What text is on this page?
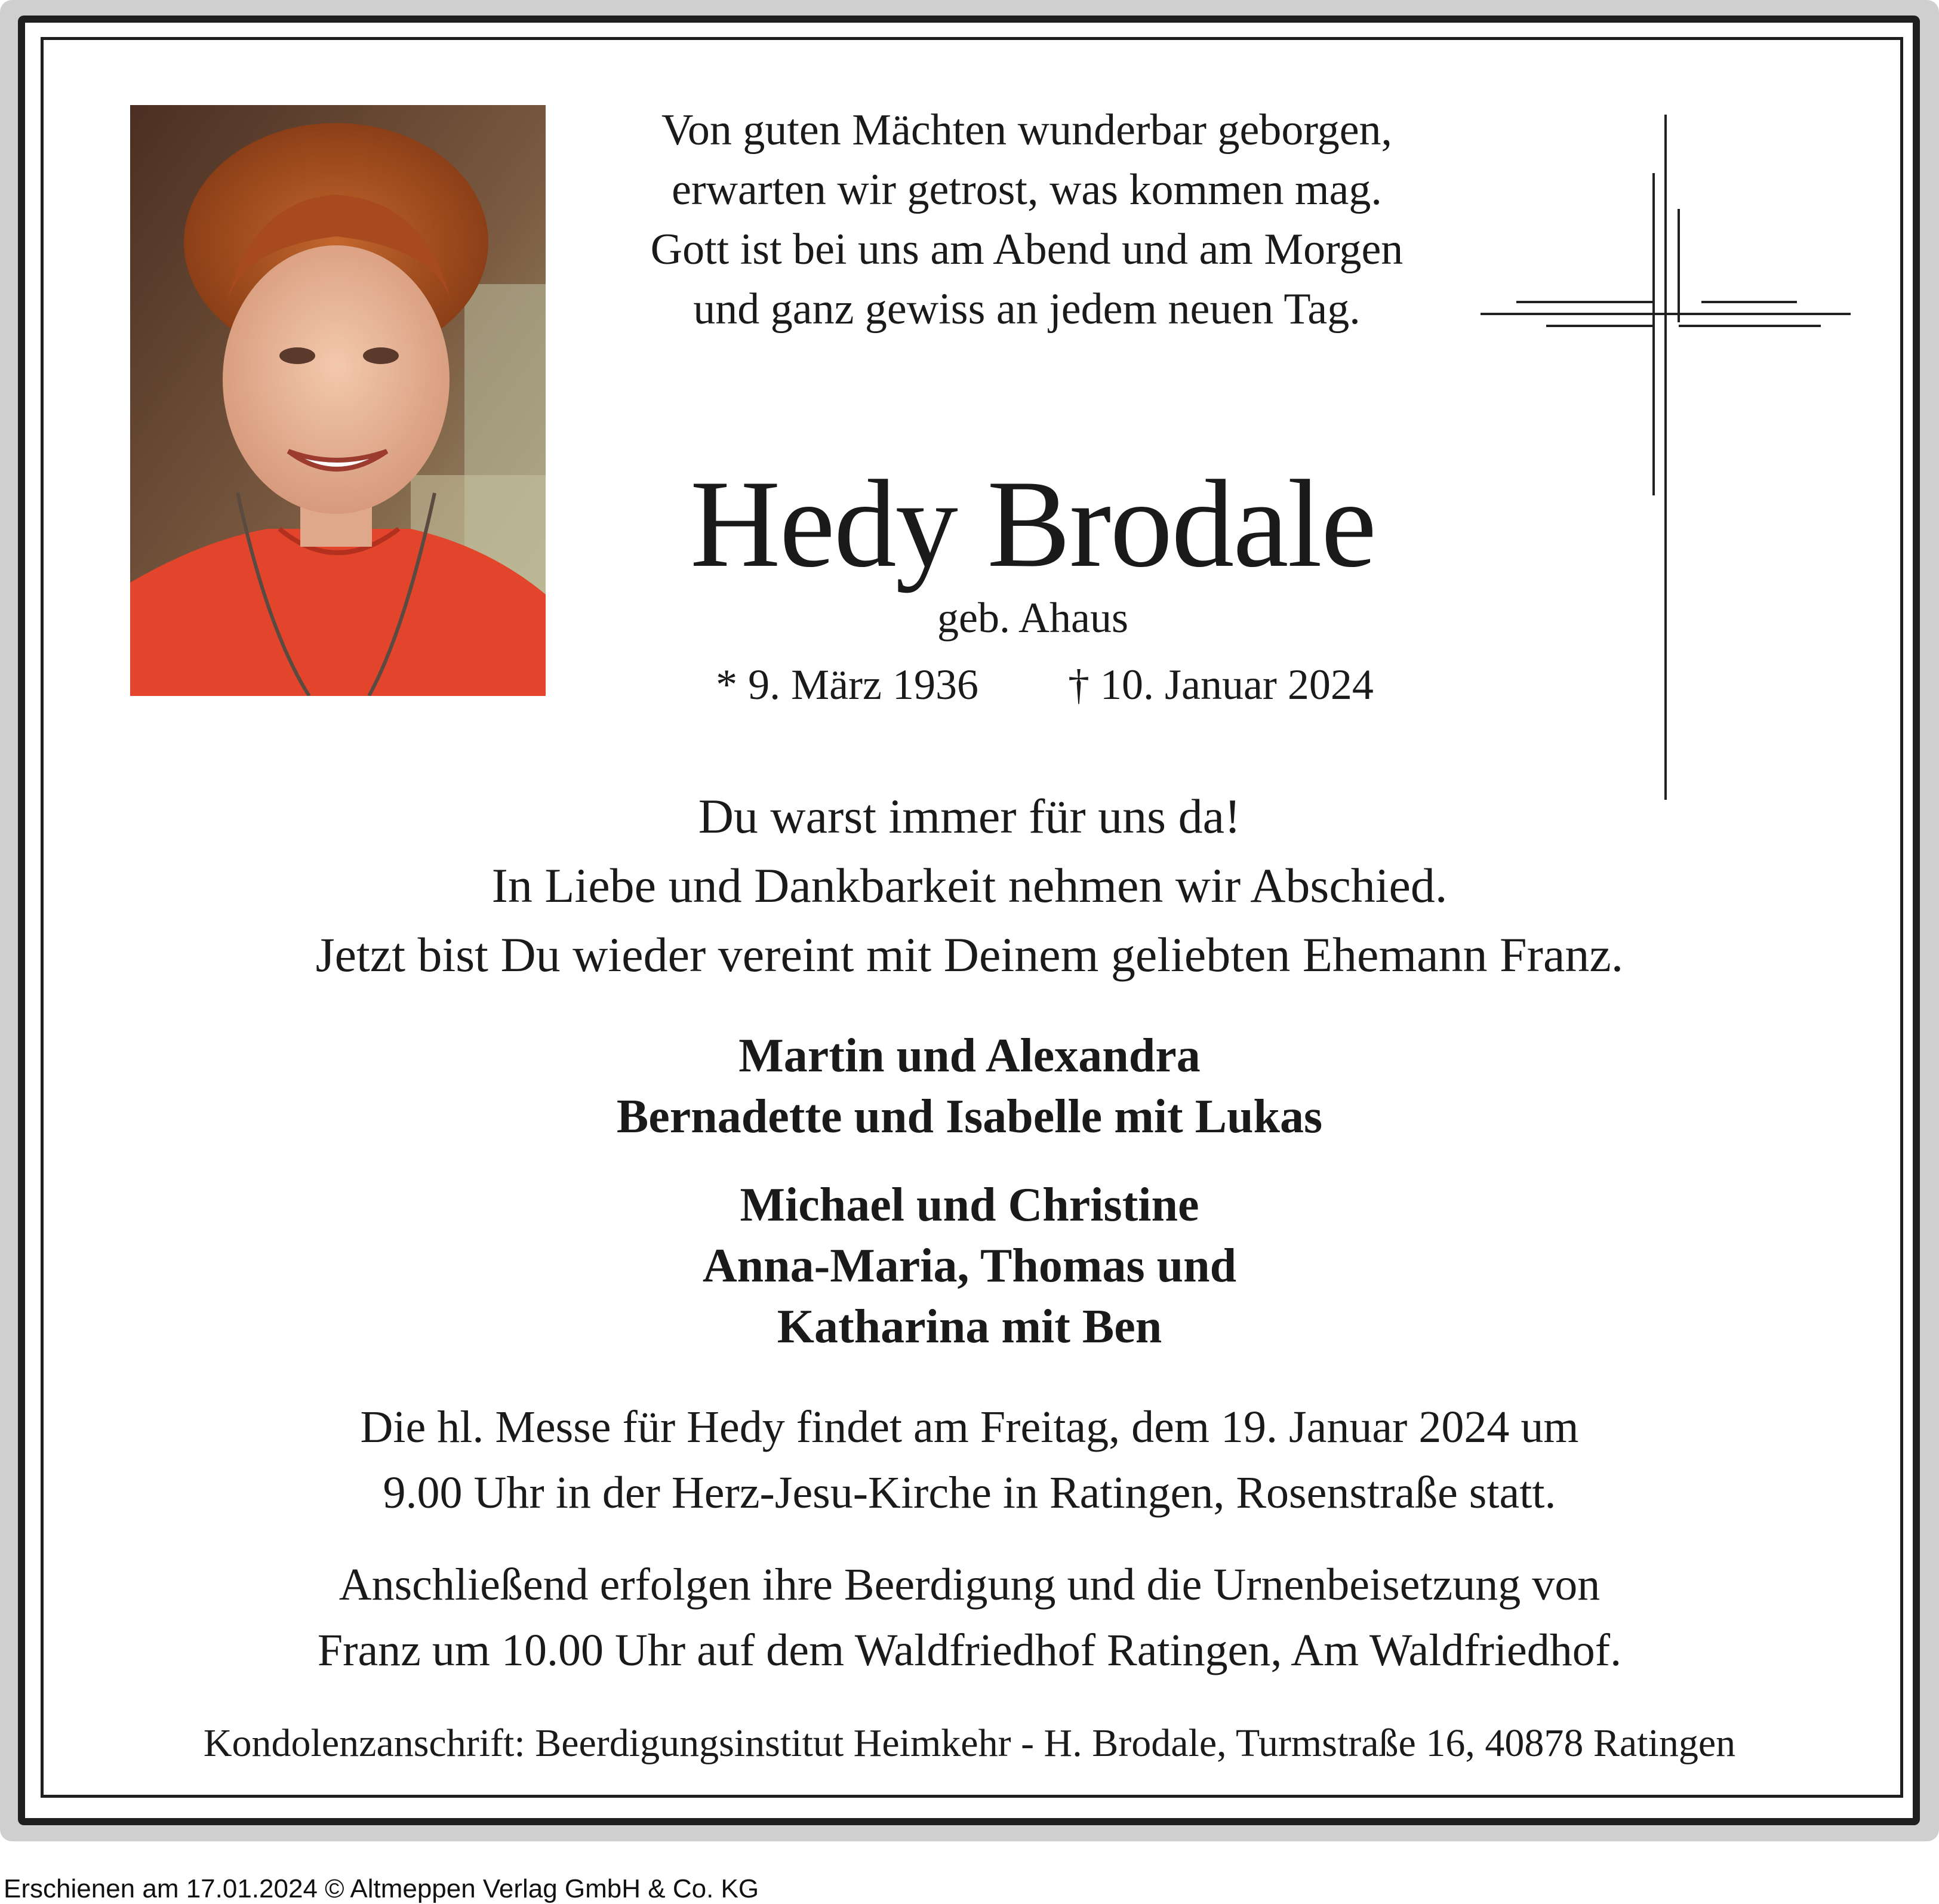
Von guten Mächten wunderbar geborgen,
erwarten wir getrost, was kommen mag.
Gott ist bei uns am Abend und am Morgen
und ganz gewiss an jedem neuen Tag.
Hedy Brodale
geb. Ahaus
* 9. März 1936 † 10. Januar 2024
Du warst immer für uns da!
In Liebe und Dankbarkeit nehmen wir Abschied.
Jetzt bist Du wieder vereint mit Deinem geliebten Ehemann Franz.
Martin und Alexandra
Bernadette und Isabelle mit Lukas
Michael und Christine
Anna-Maria, Thomas und
Katharina mit Ben
Die hl. Messe für Hedy findet am Freitag, dem 19. Januar 2024 um
9.00 Uhr in der Herz-Jesu-Kirche in Ratingen, Rosenstraße statt.
Anschließend erfolgen ihre Beerdigung und die Urnenbeisetzung von
Franz um 10.00 Uhr auf dem Waldfriedhof Ratingen, Am Waldfriedhof.
Kondolenzanschrift: Beerdigungsinstitut Heimkehr - H. Brodale, Turmstraße 16, 40878 Ratingen
Erschienen am 17.01.2024 © Altmeppen Verlag GmbH & Co. KG
